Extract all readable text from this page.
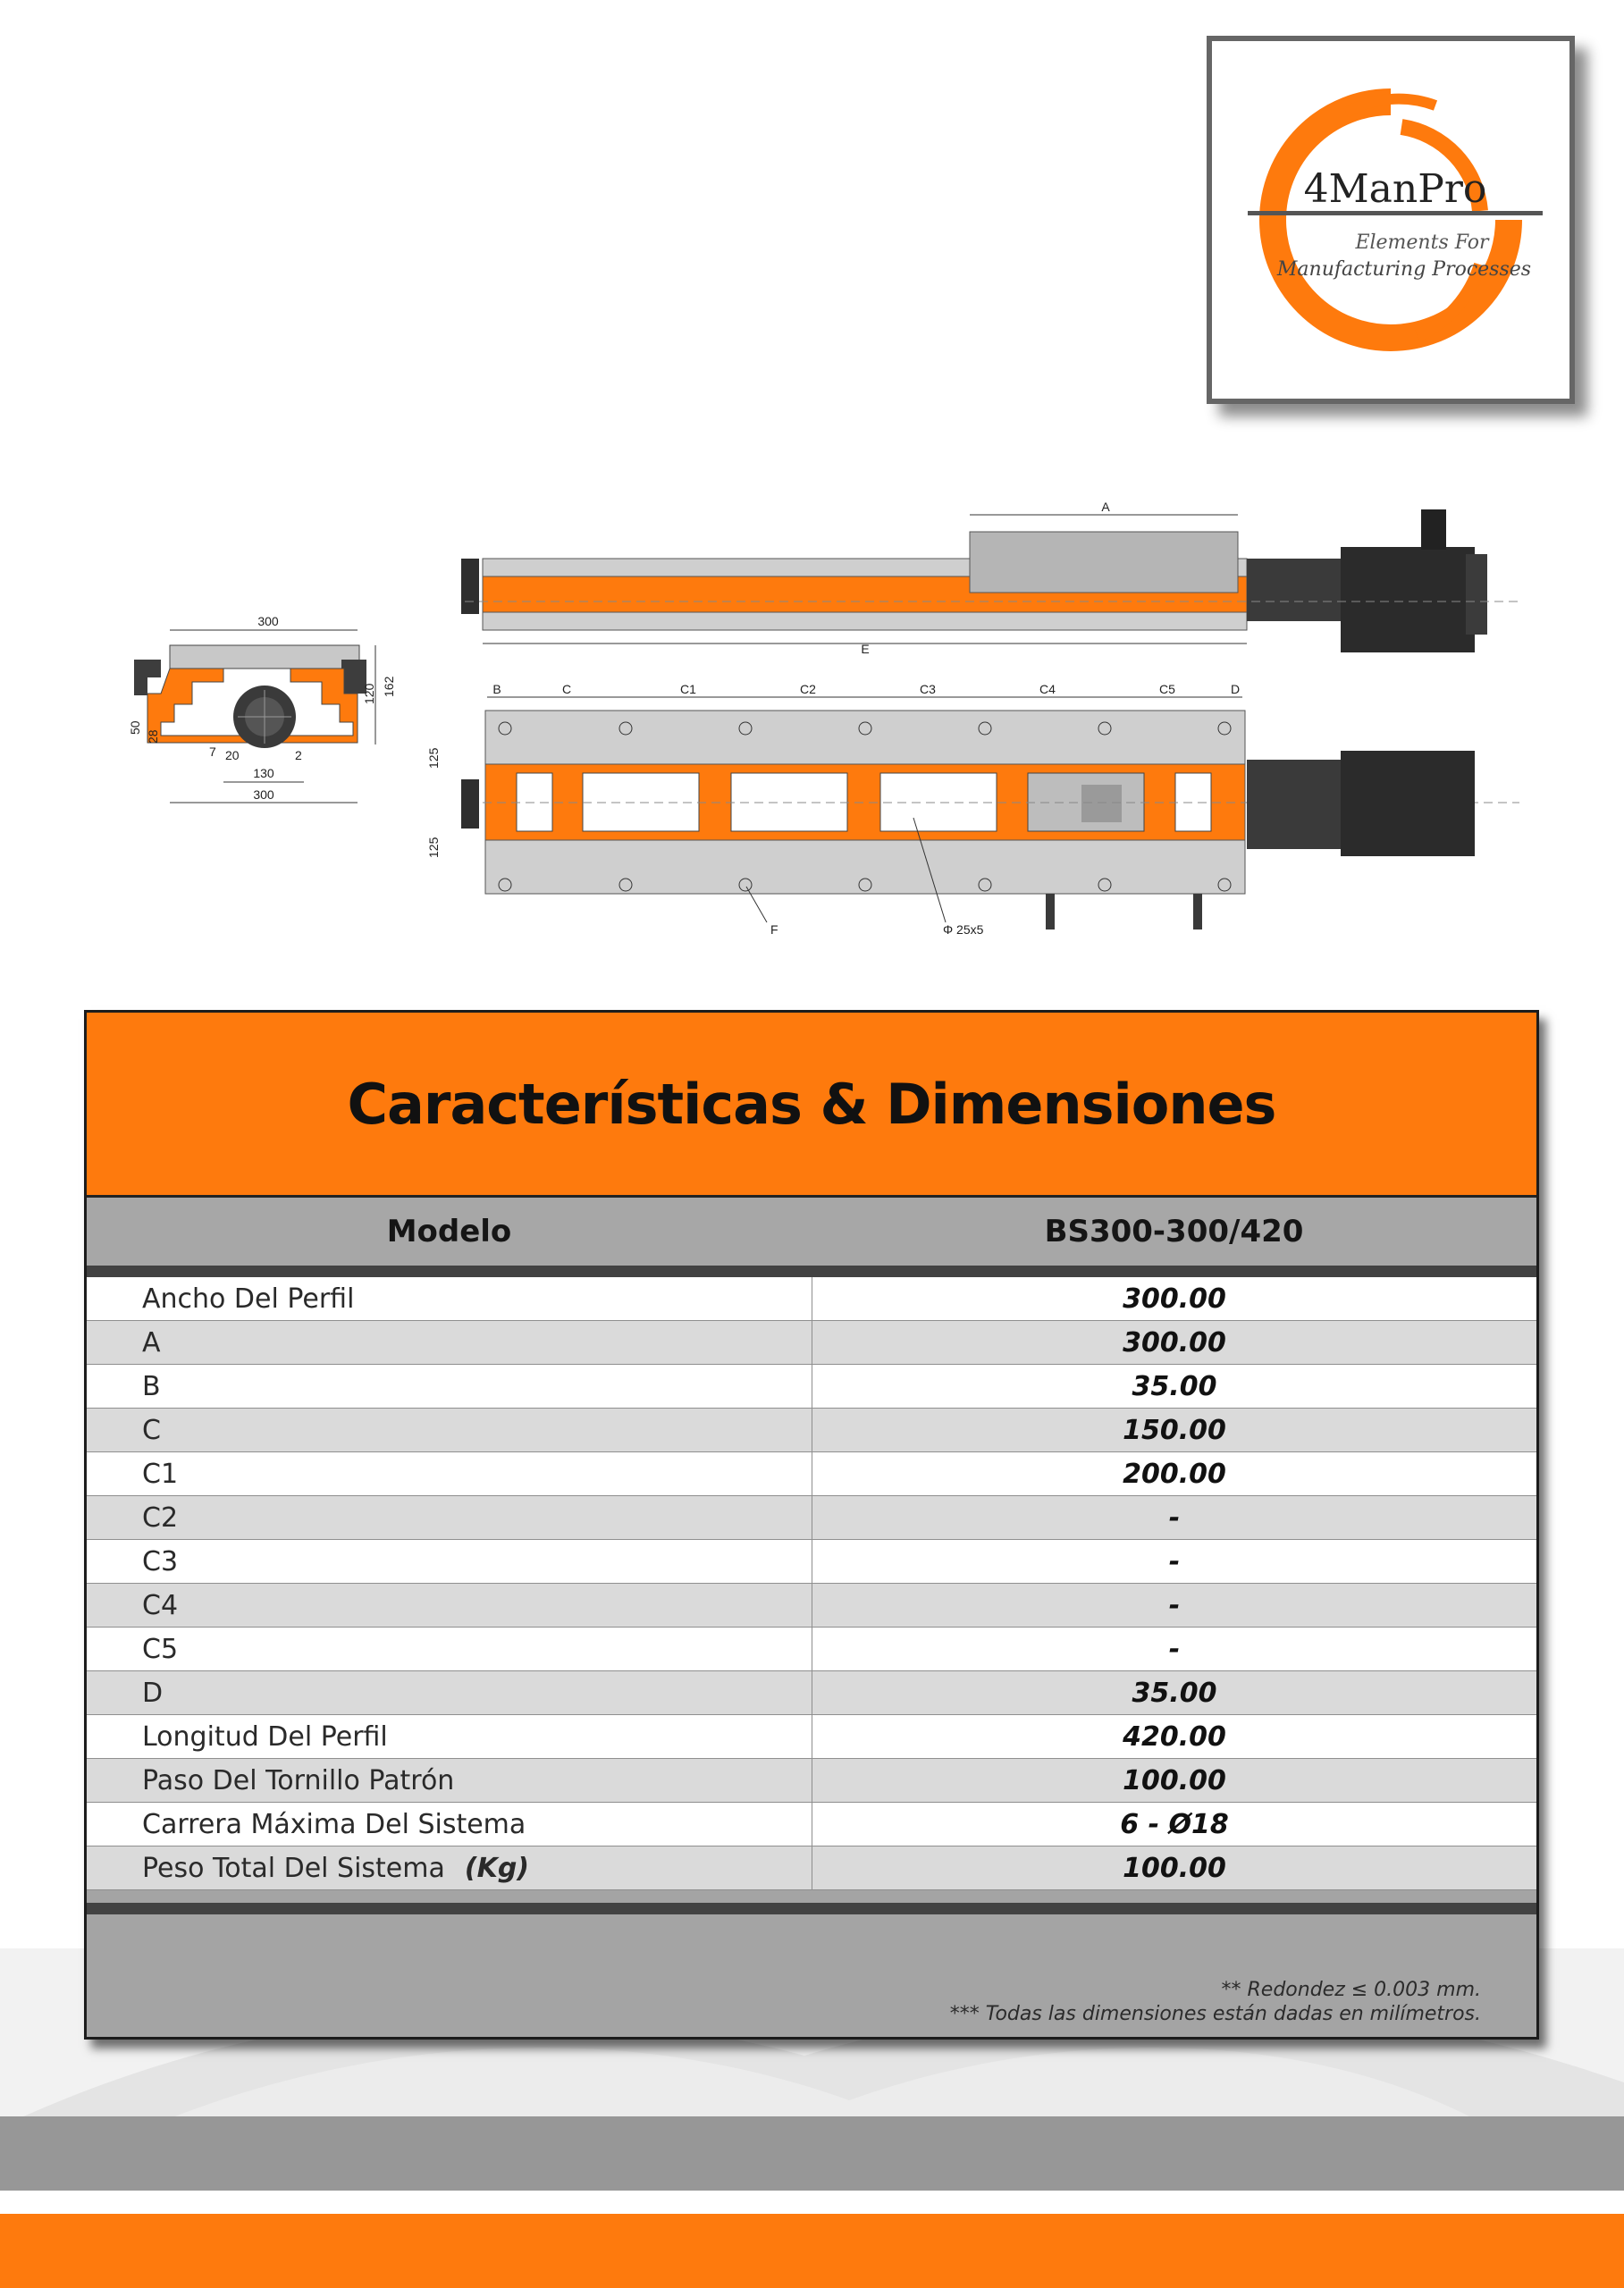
4ManPro
Elements For
Manufacturing Processes
300
162
120
50
28
20
7	2
130
300
A
E
B	C	C1	C2	C3	C4	C5	D
125
125
F	Φ 25x5
Características & Dimensiones
Modelo	BS300-300/420
Ancho Del Perfil	300.00
A	300.00
B	35.00
C	150.00
C1	200.00
C2	-
C3	-
C4	-
C5	-
D	35.00
Longitud Del Perfil	420.00
Paso Del Tornillo Patrón	100.00
Carrera Máxima Del Sistema	6 - Ø18
Peso Total Del Sistema (Kg)	100.00
** Redondez ≤ 0.003 mm.
*** Todas las dimensiones están dadas en milímetros.
